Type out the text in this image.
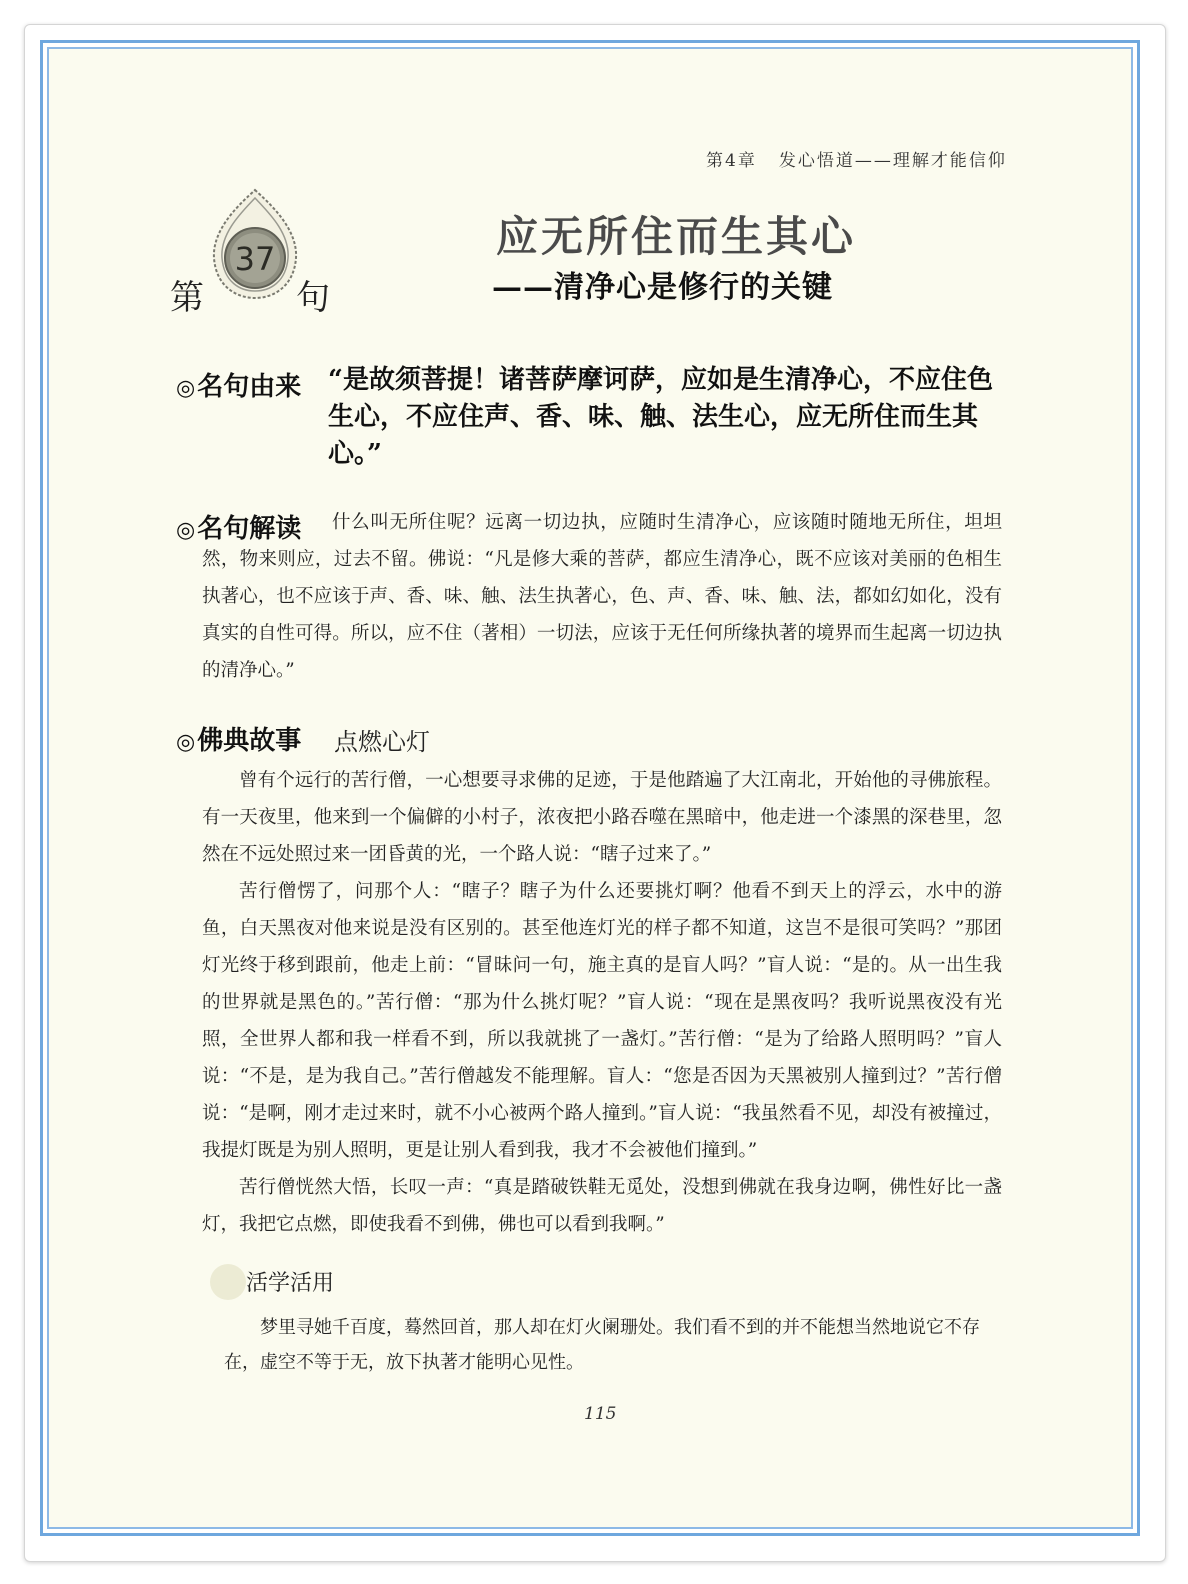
第4章 发心悟道——理解才能信仰
37
第	句
应无所住而生其心
——清净心是修行的关键
◎名句由来 “是故须菩提！诸菩萨摩诃萨，应如是生清净心，不应住色生心，不应住声、香、味、触、法生心，应无所住而生其心。”
◎名句解读	什么叫无所住呢？远离一切边执，应随时生清净心，应该随时随地无所住，坦坦然，物来则应，过去不留。佛说：“凡是修大乘的菩萨，都应生清净心，既不应该对美丽的色相生执著心，也不应该于声、香、味、触、法生执著心，色、声、香、味、触、法，都如幻如化，没有真实的自性可得。所以，应不住（著相）一切法，应该于无任何所缘执著的境界而生起离一切边执的清净心。”
◎佛典故事 点燃心灯

曾有个远行的苦行僧，一心想要寻求佛的足迹，于是他踏遍了大江南北，开始他的寻佛旅程。有一天夜里，他来到一个偏僻的小村子，浓夜把小路吞噬在黑暗中，他走进一个漆黑的深巷里，忽然在不远处照过来一团昏黄的光，一个路人说：“瞎子过来了。”

苦行僧愣了，问那个人：“瞎子？瞎子为什么还要挑灯啊？他看不到天上的浮云，水中的游鱼，白天黑夜对他来说是没有区别的。甚至他连灯光的样子都不知道，这岂不是很可笑吗？”那团灯光终于移到跟前，他走上前：“冒昧问一句，施主真的是盲人吗？”盲人说：“是的。从一出生我的世界就是黑色的。”苦行僧：“那为什么挑灯呢？”盲人说：“现在是黑夜吗？我听说黑夜没有光照，全世界人都和我一样看不到，所以我就挑了一盏灯。”苦行僧：“是为了给路人照明吗？”盲人说：“不是，是为我自己。”苦行僧越发不能理解。盲人：“您是否因为天黑被别人撞到过？”苦行僧说：“是啊，刚才走过来时，就不小心被两个路人撞到。”盲人说：“我虽然看不见，却没有被撞过，我提灯既是为别人照明，更是让别人看到我，我才不会被他们撞到。”

苦行僧恍然大悟，长叹一声：“真是踏破铁鞋无觅处，没想到佛就在我身边啊，佛性好比一盏灯，我把它点燃，即使我看不到佛，佛也可以看到我啊。”

活学活用

梦里寻她千百度，蓦然回首，那人却在灯火阑珊处。我们看不到的并不能想当然地说它不存在，虚空不等于无，放下执著才能明心见性。

115
